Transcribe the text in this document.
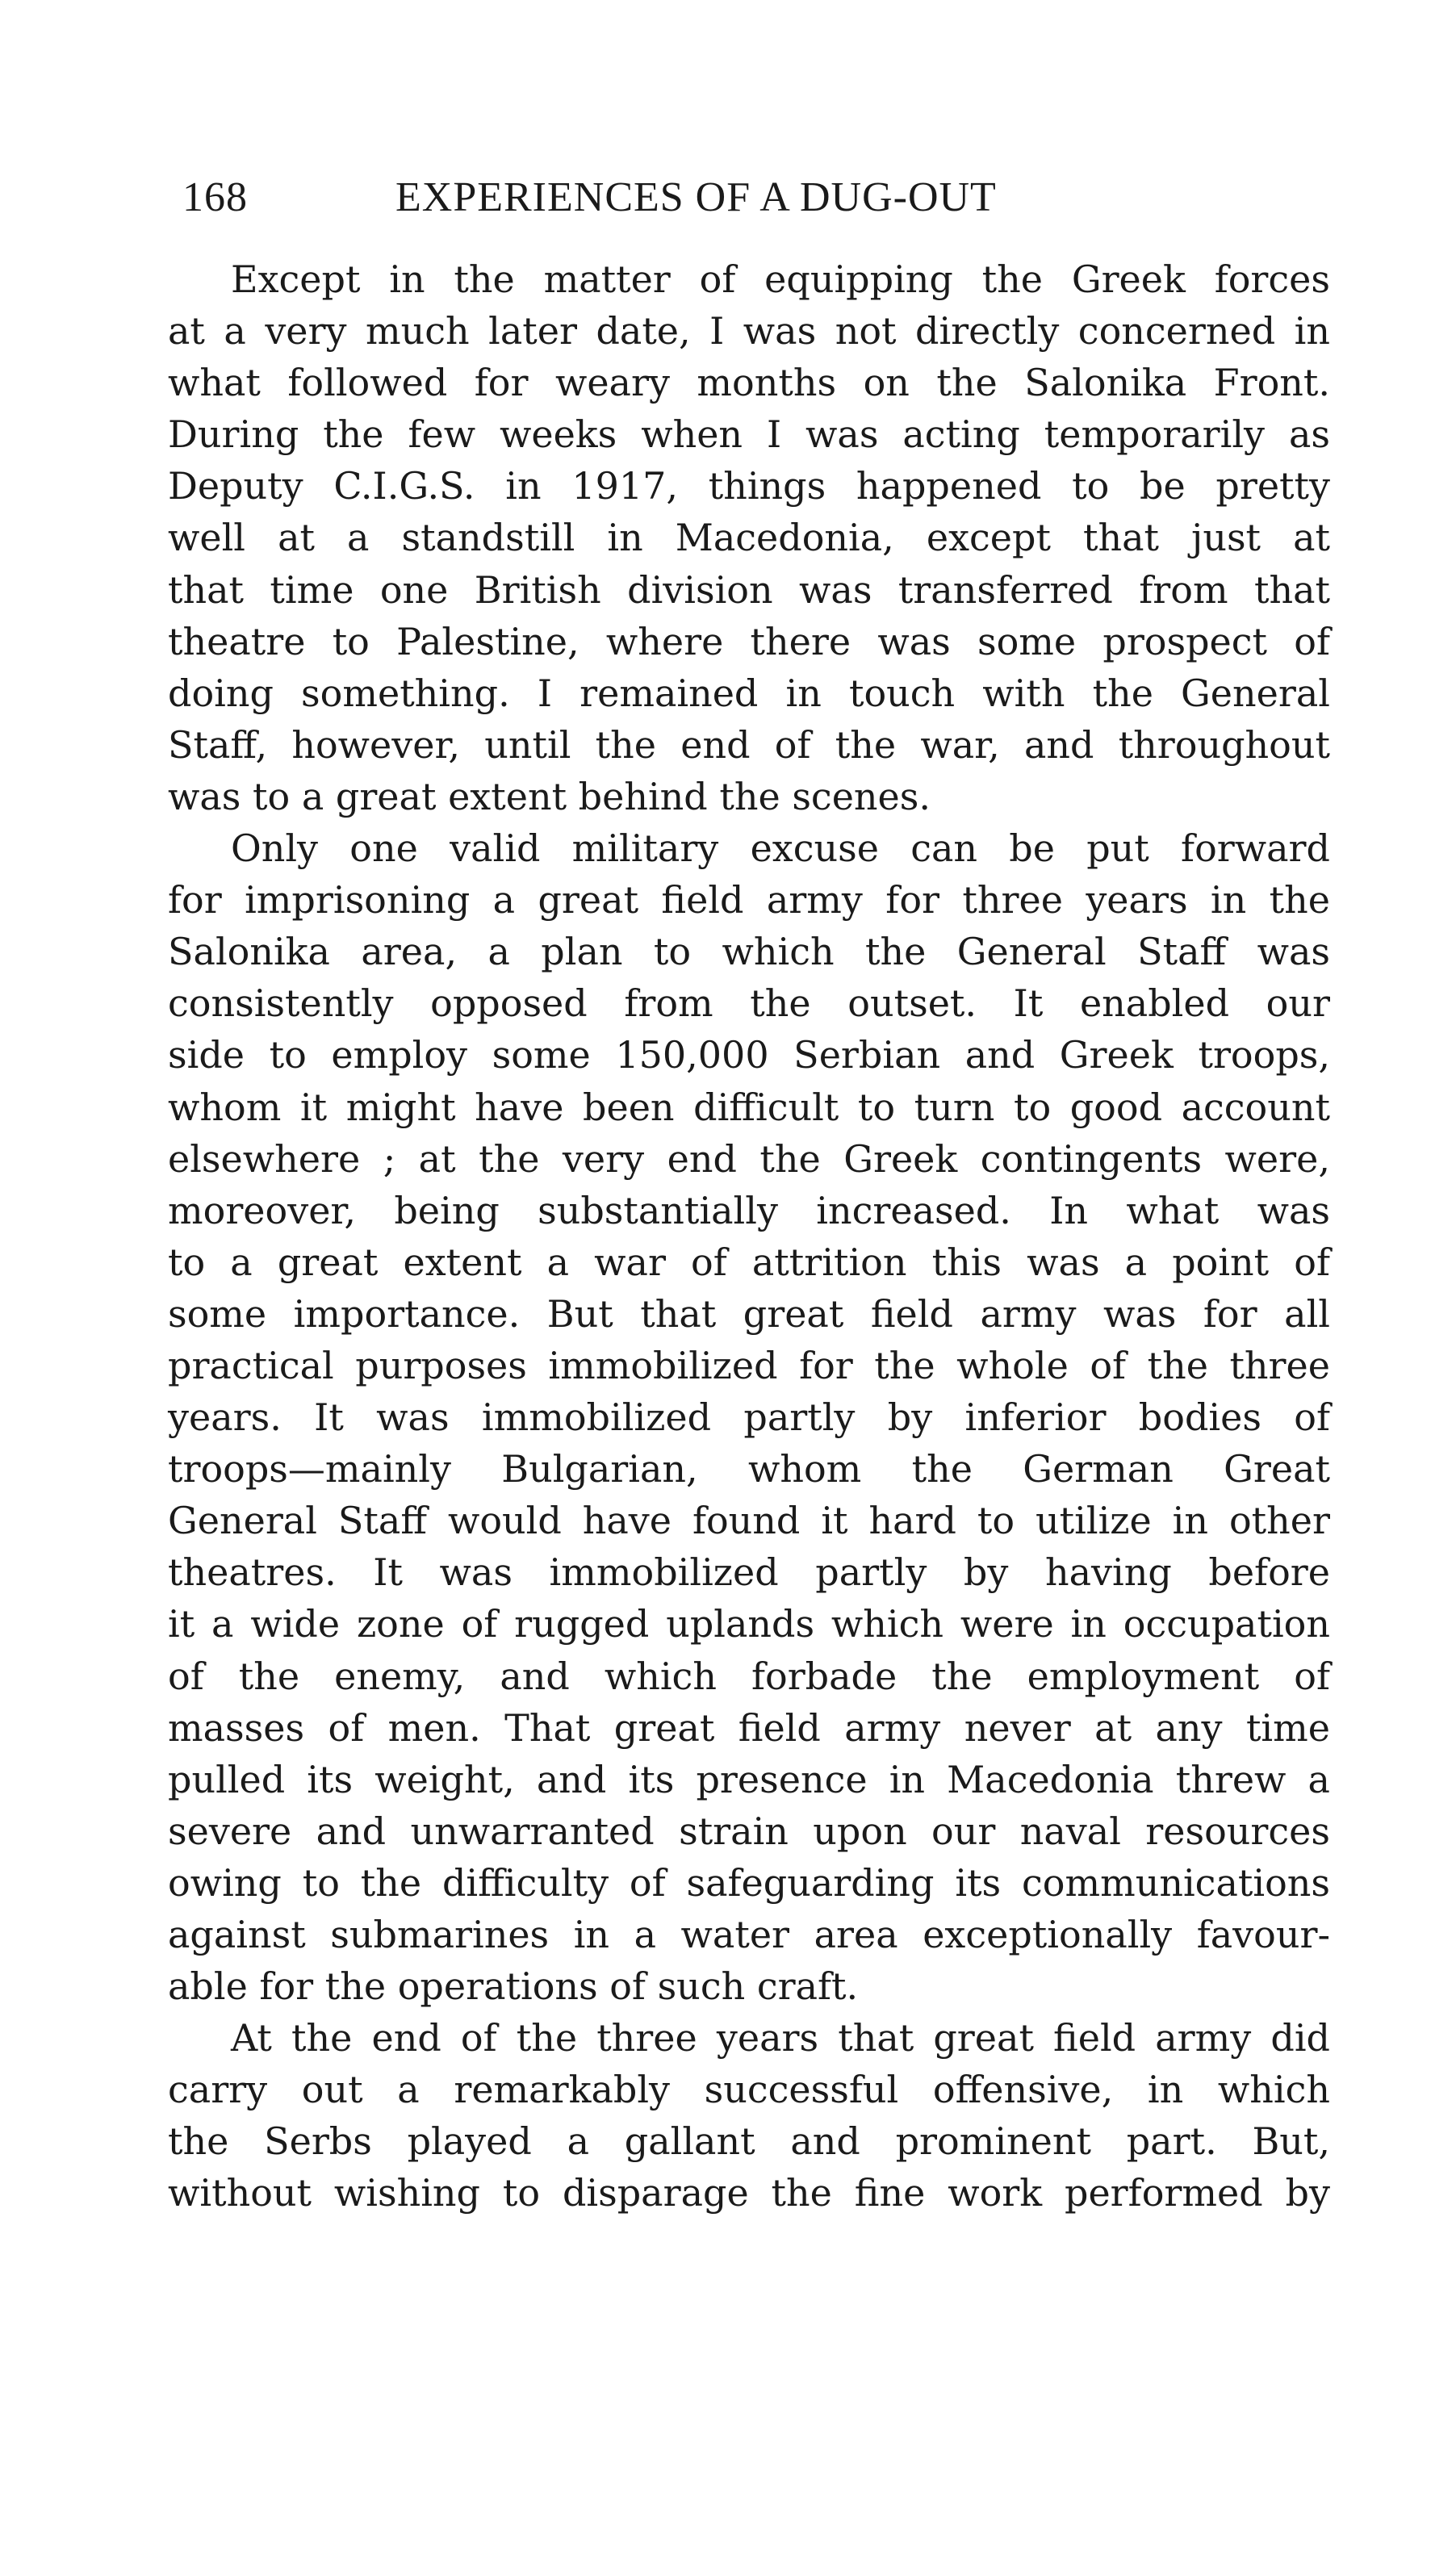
168	EXPERIENCES OF A DUG-OUT
Except in the matter of equipping the Greek forces
at a very much later date, I was not directly concerned in
what followed for weary months on the Salonika Front.
During the few weeks when I was acting temporarily as
Deputy C.I.G.S. in 1917, things happened to be pretty
well at a standstill in Macedonia, except that just at
that time one British division was transferred from that
theatre to Palestine, where there was some prospect of
doing something. I remained in touch with the General
Staff, however, until the end of the war, and throughout
was to a great extent behind the scenes.
Only one valid military excuse can be put forward
for imprisoning a great field army for three years in the
Salonika area, a plan to which the General Staff was
consistently opposed from the outset. It enabled our
side to employ some 150,000 Serbian and Greek troops,
whom it might have been difficult to turn to good account
elsewhere ; at the very end the Greek contingents were,
moreover, being substantially increased. In what was
to a great extent a war of attrition this was a point of
some importance. But that great field army was for all
practical purposes immobilized for the whole of the three
years. It was immobilized partly by inferior bodies of
troops—mainly Bulgarian, whom the German Great
General Staff would have found it hard to utilize in other
theatres. It was immobilized partly by having before
it a wide zone of rugged uplands which were in occupation
of the enemy, and which forbade the employment of
masses of men. That great field army never at any time
pulled its weight, and its presence in Macedonia threw a
severe and unwarranted strain upon our naval resources
owing to the difficulty of safeguarding its communications
against submarines in a water area exceptionally favour-
able for the operations of such craft.
At the end of the three years that great field army did
carry out a remarkably successful offensive, in which
the Serbs played a gallant and prominent part. But,
without wishing to disparage the fine work performed by
